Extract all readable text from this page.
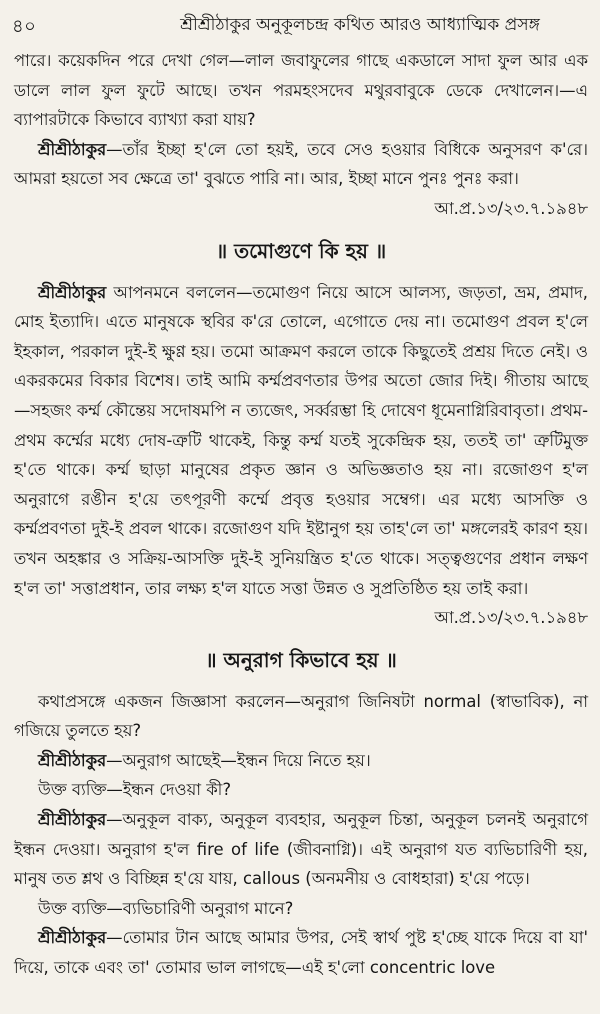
৪০	শ্রীশ্রীঠাকুর অনুকূলচন্দ্র কথিত আরও আধ্যাত্মিক প্রসঙ্গ

পারে। কয়েকদিন পরে দেখা গেল—লাল জবাফুলের গাছে একডালে সাদা ফুল আর এক ডালে লাল ফুল ফুটে আছে। তখন পরমহংসদেব মথুরবাবুকে ডেকে দেখালেন।—এ ব্যাপারটাকে কিভাবে ব্যাখ্যা করা যায়?

শ্রীশ্রীঠাকুর—তাঁর ইচ্ছা হ'লে তো হয়ই, তবে সেও হওয়ার বিধিকে অনুসরণ ক'রে। আমরা হয়তো সব ক্ষেত্রে তা' বুঝতে পারি না। আর, ইচ্ছা মানে পুনঃ পুনঃ করা।

আ.প্র.১৩/২৩.৭.১৯৪৮

॥ তমোগুণে কি হয় ॥

শ্রীশ্রীঠাকুর আপনমনে বললেন—তমোগুণ নিয়ে আসে আলস্য, জড়তা, ভ্রম, প্রমাদ, মোহ ইত্যাদি। এতে মানুষকে স্থবির ক'রে তোলে, এগোতে দেয় না। তমোগুণ প্রবল হ'লে ইহকাল, পরকাল দুই-ই ক্ষুণ্ণ হয়। তমো আক্রমণ করলে তাকে কিছুতেই প্রশ্রয় দিতে নেই। ও একরকমের বিকার বিশেষ। তাই আমি কর্ম্মপ্রবণতার উপর অতো জোর দিই। গীতায় আছে—সহজং কর্ম্ম কৌন্তেয় সদোষমপি ন ত্যজেৎ, সর্ব্বরম্ভা হি দোষেণ ধূমেনাগ্নিরিবাবৃতা। প্রথম-প্রথম কর্ম্মের মধ্যে দোষ-ত্রুটি থাকেই, কিন্তু কর্ম্ম যতই সুকেন্দ্রিক হয়, ততই তা' ত্রুটিমুক্ত হ'তে থাকে। কর্ম্ম ছাড়া মানুষের প্রকৃত জ্ঞান ও অভিজ্ঞতাও হয় না। রজোগুণ হ'ল অনুরাগে রঙীন হ'য়ে তৎপূরণী কর্ম্মে প্রবৃত্ত হওয়ার সম্বেগ। এর মধ্যে আসক্তি ও কর্ম্মপ্রবণতা দুই-ই প্রবল থাকে। রজোগুণ যদি ইষ্টানুগ হয় তাহ'লে তা' মঙ্গলেরই কারণ হয়। তখন অহঙ্কার ও সক্রিয়-আসক্তি দুই-ই সুনিয়ন্ত্রিত হ'তে থাকে। সত্ত্বগুণের প্রধান লক্ষণ হ'ল তা' সত্তাপ্রধান, তার লক্ষ্য হ'ল যাতে সত্তা উন্নত ও সুপ্রতিষ্ঠিত হয় তাই করা।

আ.প্র.১৩/২৩.৭.১৯৪৮

॥ অনুরাগ কিভাবে হয় ॥

কথাপ্রসঙ্গে একজন জিজ্ঞাসা করলেন—অনুরাগ জিনিষটা normal (স্বাভাবিক), না গজিয়ে তুলতে হয়?

শ্রীশ্রীঠাকুর—অনুরাগ আছেই—ইন্ধন দিয়ে নিতে হয়।

উক্ত ব্যক্তি—ইন্ধন দেওয়া কী?

শ্রীশ্রীঠাকুর—অনুকূল বাক্য, অনুকূল ব্যবহার, অনুকূল চিন্তা, অনুকূল চলনই অনুরাগে ইন্ধন দেওয়া। অনুরাগ হ'ল fire of life (জীবনাগ্নি)। এই অনুরাগ যত ব্যভিচারিণী হয়, মানুষ তত শ্লথ ও বিচ্ছিন্ন হ'য়ে যায়, callous (অনমনীয় ও বোধহারা) হ'য়ে পড়ে।

উক্ত ব্যক্তি—ব্যভিচারিণী অনুরাগ মানে?

শ্রীশ্রীঠাকুর—তোমার টান আছে আমার উপর, সেই স্বার্থ পুষ্ট হ'চ্ছে যাকে দিয়ে বা যা' দিয়ে, তাকে এবং তা' তোমার ভাল লাগছে—এই হ'লো concentric love
